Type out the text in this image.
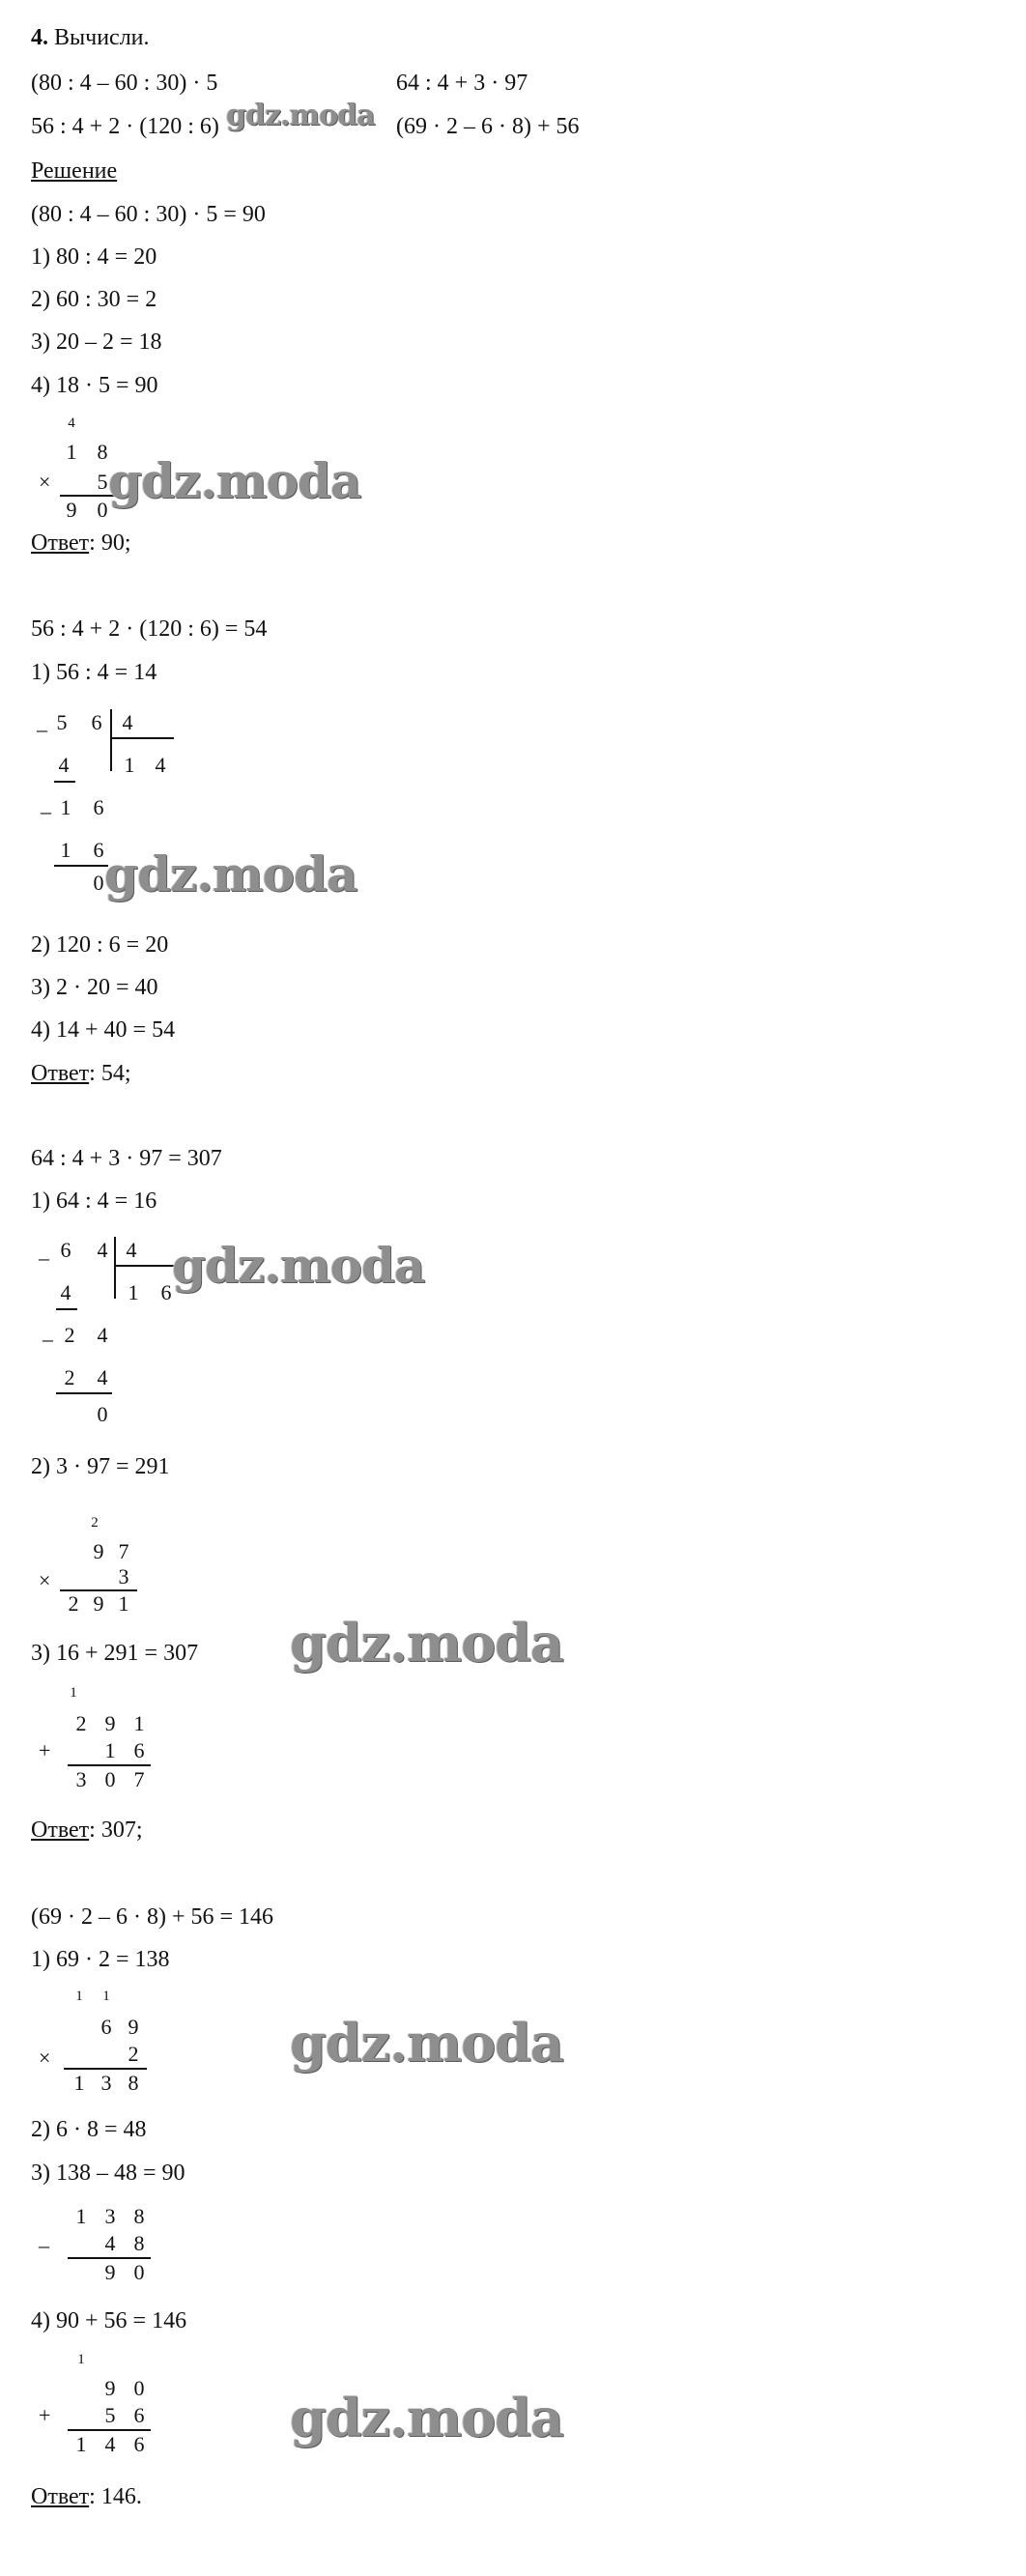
4. Вычисли.
(80 : 4 – 60 : 30) · 5	64 : 4 + 3 · 97
56 : 4 + 2 · (120 : 6)	(69 · 2 – 6 · 8) + 56
Решение
(80 : 4 – 60 : 30) · 5 = 90
1) 80 : 4 = 20
2) 60 : 30 = 2
3) 20 – 2 = 18
4) 18 · 5 = 90
4
1 8
× 5
9 0
gdz.moda
gdz.moda
Ответ: 90;
56 : 4 + 2 · (120 : 6) = 54
1) 56 : 4 = 14
– 5 6 4
1 4
4
– 1 6
1 6
0 gdz.moda
2) 120 : 6 = 20
3) 2 · 20 = 40
4) 14 + 40 = 54
Ответ: 54;
64 : 4 + 3 · 97 = 307
1) 64 : 4 = 16
– 6 4 4
1 6
4
– 2 4
2 4
0
gdz.moda
2) 3 · 97 = 291
2
9 7
×	3
2 9 1
3) 16 + 291 = 307 gdz.moda
1
2 9 1
+	1 6
3 0 7
Ответ: 307;
(69 · 2 – 6 · 8) + 56 = 146
1) 69 · 2 = 138
1	1
6 9
×	2
1 3 8
gdz.moda
2) 6 · 8 = 48
3) 138 – 48 = 90
1 3 8
–	4 8
9 0
4) 90 + 56 = 146
1
9 0
+	5 6
1 4 6	gdz.moda
Ответ: 146.
